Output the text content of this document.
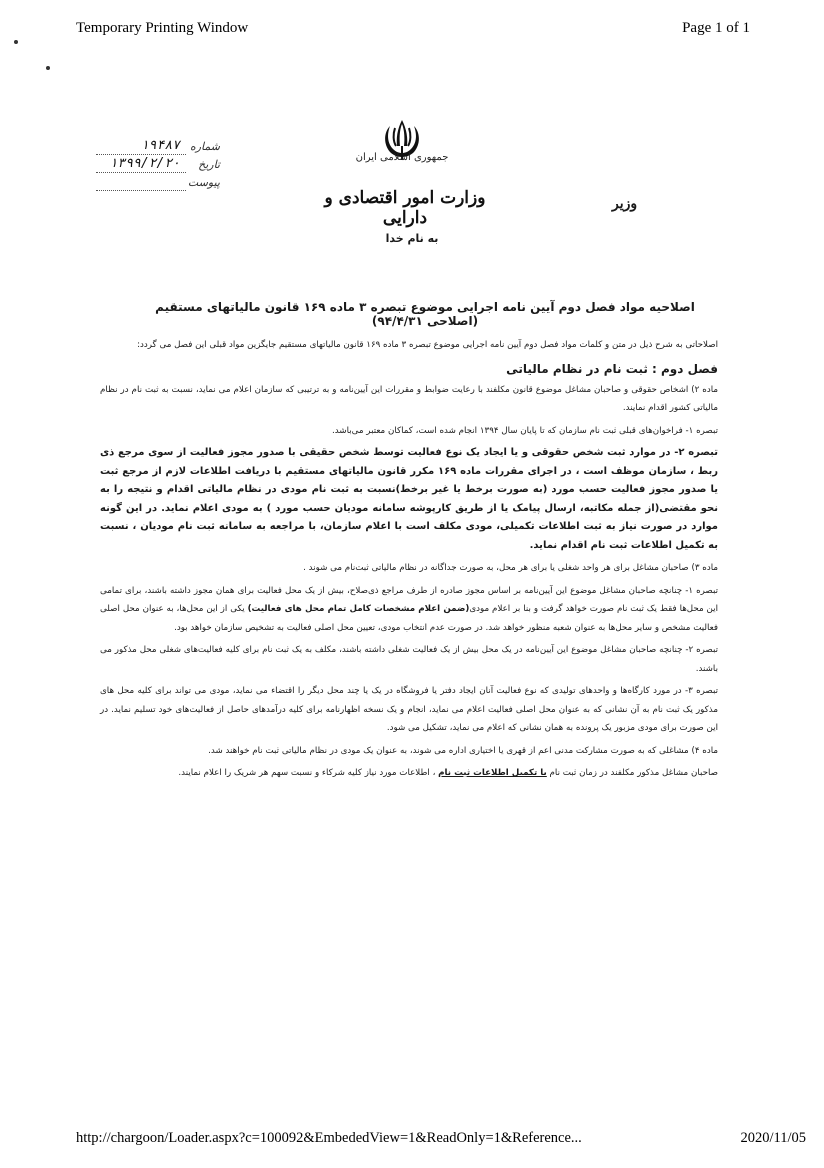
Temporary Printing Window	Page 1 of 1
جمهوری اسلامی ایران
وزارت امور اقتصادی و دارایی
وزیر
شماره
۱۹۴۸۷
تاریخ
۱۳۹۹/۲/۲۰
پیوست
به نام خدا
اصلاحیه مواد فصل دوم آیین نامه اجرایی موضوع تبصره ۳ ماده ۱۶۹ قانون مالیاتهای مستقیم (اصلاحی ۹۴/۴/۳۱)

اصلاحاتی به شرح ذیل در متن و کلمات مواد فصل دوم آیین نامه اجرایی موضوع تبصره ۳ ماده ۱۶۹ قانون مالیاتهای مستقیم جایگزین مواد قبلی این فصل می گردد:

فصل دوم : ثبت نام در نظام مالیاتی

ماده ۲) اشخاص حقوقی و صاحبان مشاغل موضوع قانون مکلفند با رعایت ضوابط و مقررات این آیین‌نامه و به ترتیبی که سازمان اعلام می نماید، نسبت به ثبت نام در نظام مالیاتی کشور اقدام نمایند.

تبصره ۱- فراخوان‌های قبلی ثبت نام سازمان که تا پایان سال ۱۳۹۴ انجام شده است، کماکان معتبر می‌باشد.

تبصره ۲- در موارد ثبت شخص حقوقی و یا ایجاد یک نوع فعالیت توسط شخص حقیقی با صدور مجوز فعالیت از سوی مرجع ذی ربط ، سازمان موظف است ، در اجرای مقررات ماده ۱۶۹ مکرر قانون مالیاتهای مستقیم با دریافت اطلاعات لازم از مرجع ثبت یا صدور مجوز فعالیت حسب مورد (به صورت برخط یا غیر برخط)نسبت به ثبت نام مودی در نظام مالیاتی اقدام و نتیجه را به نحو مقتضی(از جمله مکاتبه، ارسال پیامک یا از طریق کارپوشه سامانه مودیان حسب مورد ) به مودی اعلام نماید. در این گونه موارد در صورت نیاز به ثبت اطلاعات تکمیلی، مودی مکلف است با اعلام سازمان، با مراجعه به سامانه ثبت نام مودیان ، نسبت به تکمیل اطلاعات ثبت نام اقدام نماید.

ماده ۳) صاحبان مشاغل برای هر واحد شغلی یا برای هر محل، به صورت جداگانه در نظام مالیاتی ثبت‌نام می شوند .

تبصره ۱- چنانچه صاحبان مشاغل موضوع این آیین‌نامه بر اساس مجوز صادره از طرف مراجع ذی‌صلاح، بیش از یک محل فعالیت برای همان مجوز داشته باشند، برای تمامی این محل‌ها فقط یک ثبت نام صورت خواهد گرفت و بنا بر اعلام مودی(ضمن اعلام مشخصات کامل تمام محل های فعالیت) یکی از این محل‌ها، به عنوان محل اصلی فعالیت مشخص و سایر محل‌ها به عنوان شعبه منظور خواهد شد. در صورت عدم انتخاب مودی، تعیین محل اصلی فعالیت به تشخیص سازمان خواهد بود.

تبصره ۲- چنانچه صاحبان مشاغل موضوع این آیین‌نامه در یک محل بیش از یک فعالیت شغلی داشته باشند، مکلف به یک ثبت نام برای کلیه فعالیت‌های شغلی محل مذکور می باشند.

تبصره ۳- در مورد کارگاه‌ها و واحدهای تولیدی که نوع فعالیت آنان ایجاد دفتر یا فروشگاه در یک یا چند محل دیگر را اقتضاء می نماید، مودی می تواند برای کلیه محل های مذکور یک ثبت نام به آن نشانی که به عنوان محل اصلی فعالیت اعلام می نماید، انجام و یک نسخه اظهارنامه برای کلیه درآمدهای حاصل از فعالیت‌های خود تسلیم نماید. در این صورت برای مودی مزبور یک پرونده به همان نشانی که اعلام می نماید، تشکیل می شود.

ماده ۴) مشاغلی که به صورت مشارکت مدنی اعم از قهری یا اختیاری اداره می شوند، به عنوان یک مودی در نظام مالیاتی ثبت نام خواهند شد.

صاحبان مشاغل مذکور مکلفند در زمان ثبت نام یا تکمیل اطلاعات ثبت نام ، اطلاعات مورد نیاز کلیه شرکاء و نسبت سهم هر شریک را اعلام نمایند.

http://chargoon/Loader.aspx?c=100092&EmbededView=1&ReadOnly=1&Reference...	2020/11/05
